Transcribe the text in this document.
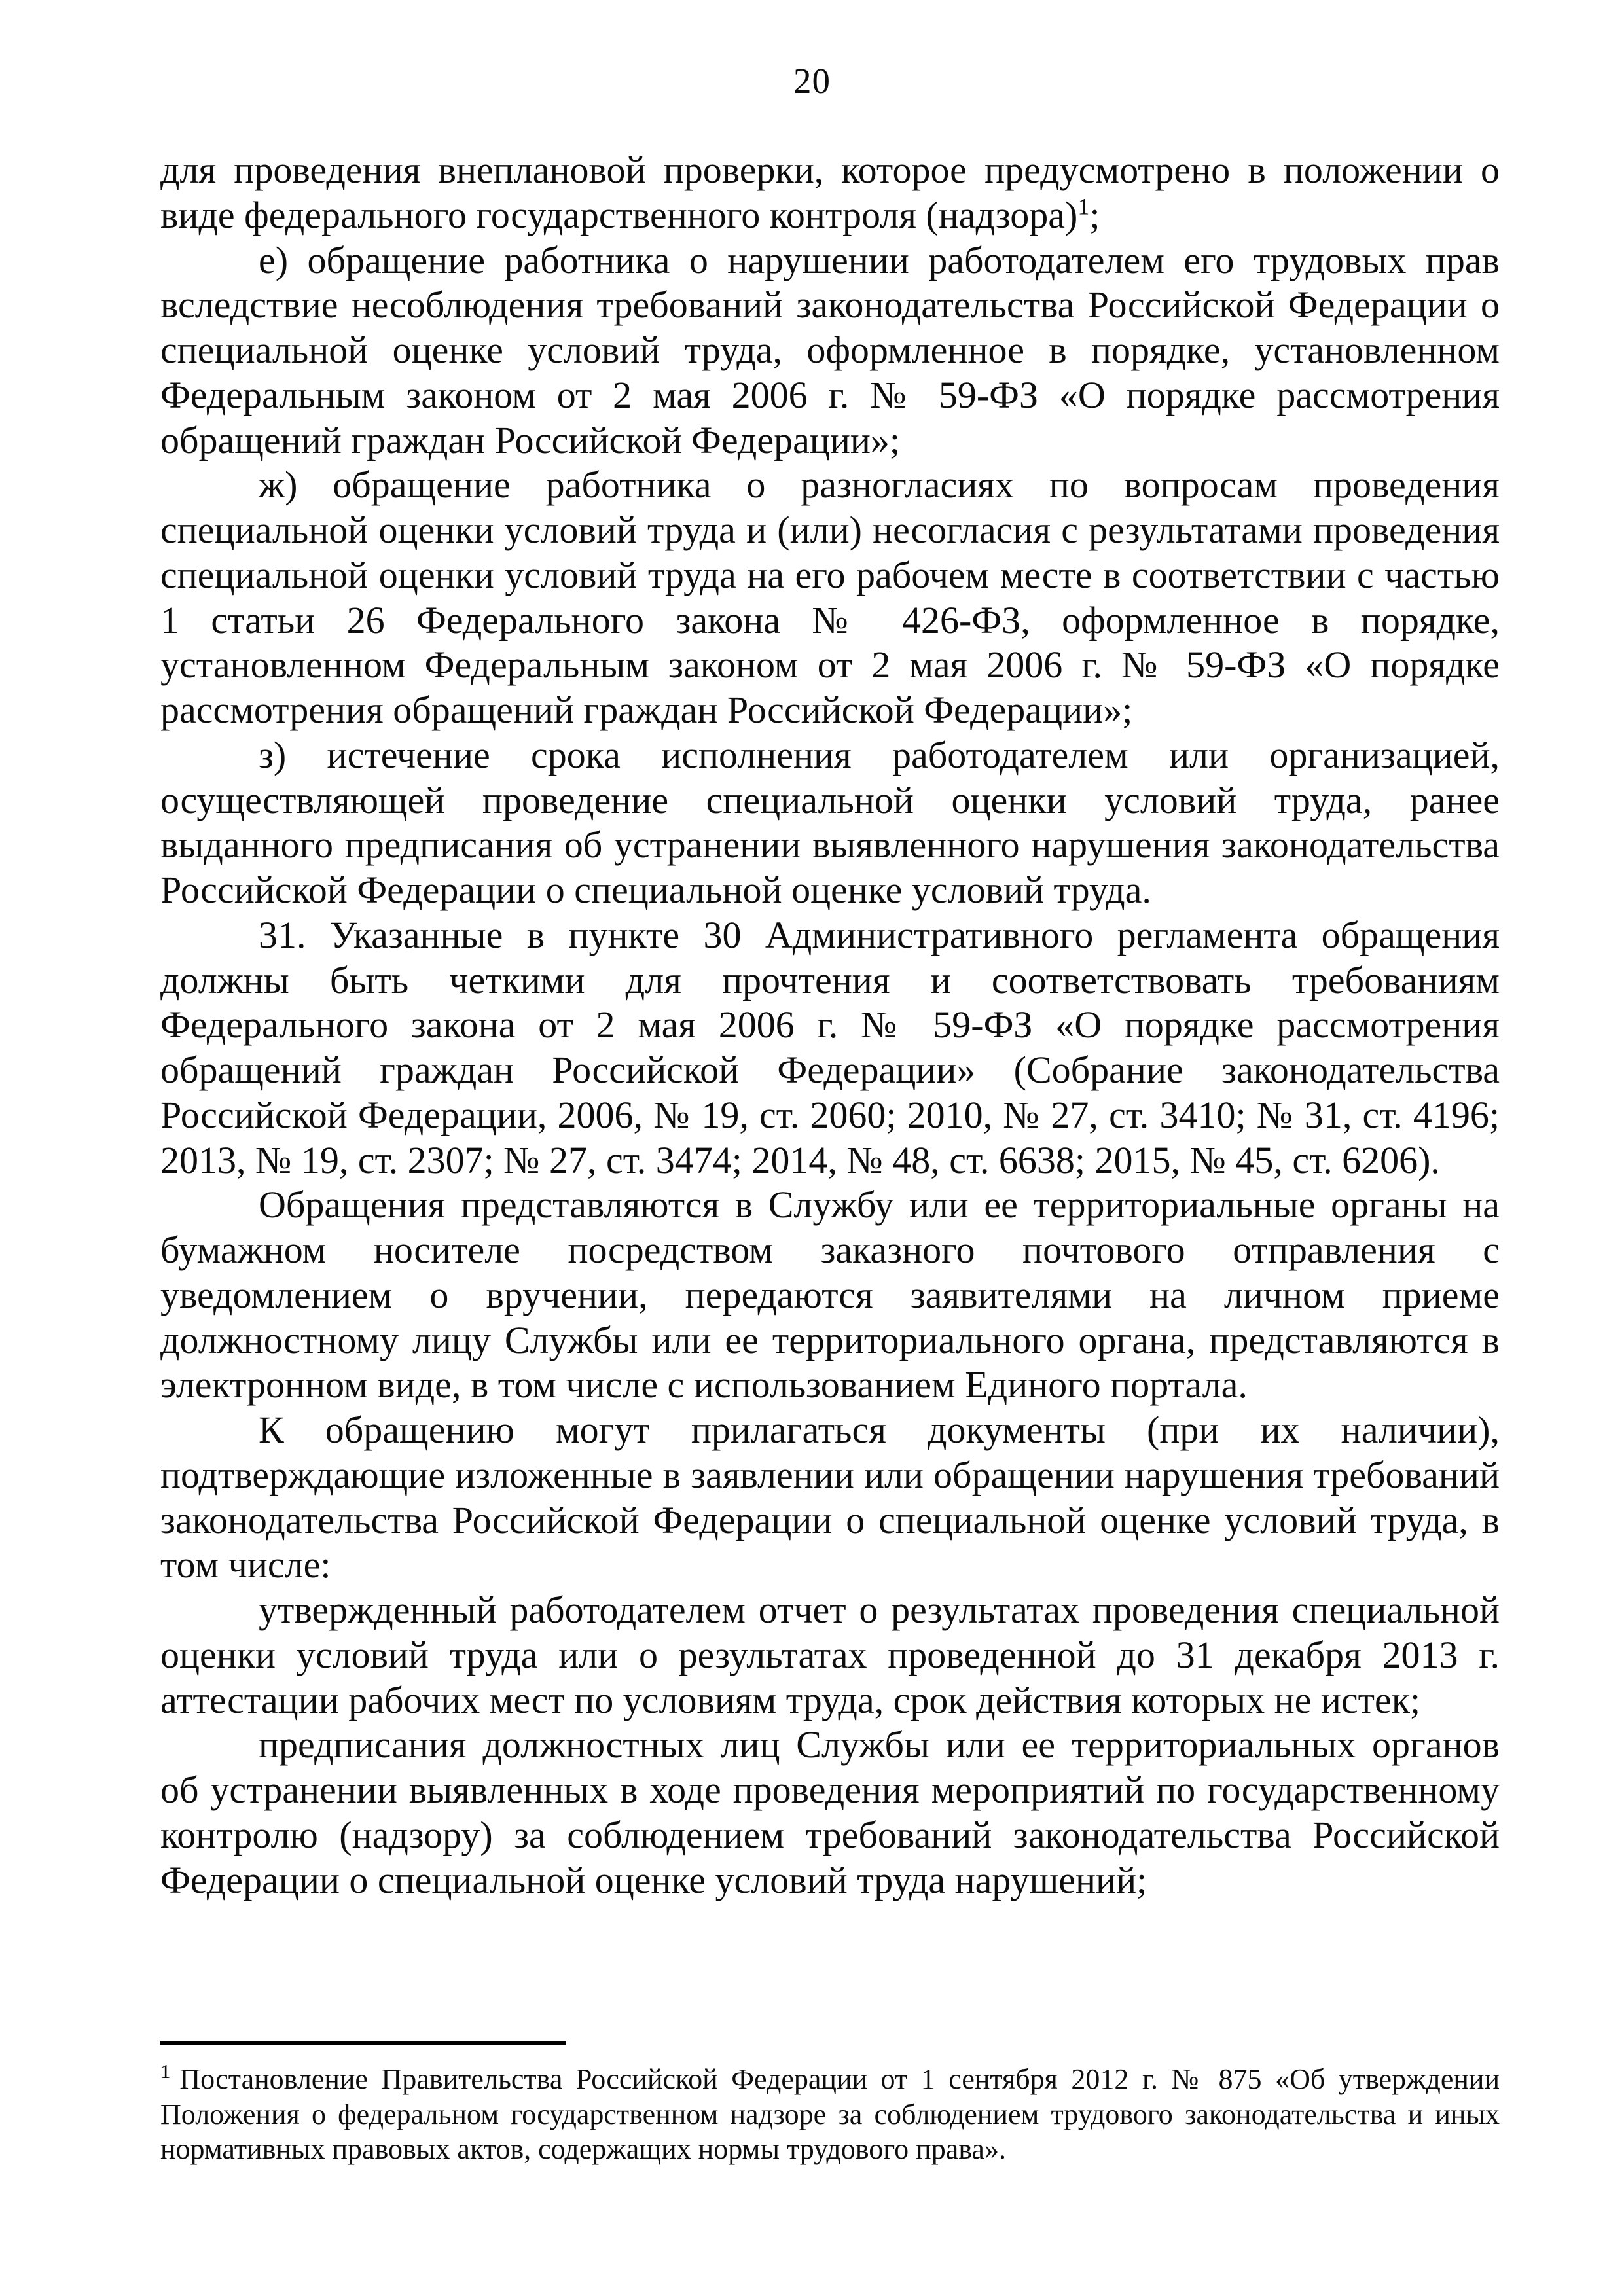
20

для проведения внеплановой проверки, которое предусмотрено в положении о виде федерального государственного контроля (надзора)$^1$;

е) обращение работника о нарушении работодателем его трудовых прав вследствие несоблюдения требований законодательства Российской Федерации о специальной оценке условий труда, оформленное в порядке, установленном Федеральным законом от 2 мая 2006 г. № 59-ФЗ «О порядке рассмотрения обращений граждан Российской Федерации»;

ж) обращение работника о разногласиях по вопросам проведения специальной оценки условий труда и (или) несогласия с результатами проведения специальной оценки условий труда на его рабочем месте в соответствии с частью 1 статьи 26 Федерального закона № 426-ФЗ, оформленное в порядке, установленном Федеральным законом от 2 мая 2006 г. № 59-ФЗ «О порядке рассмотрения обращений граждан Российской Федерации»;

з) истечение срока исполнения работодателем или организацией, осуществляющей проведение специальной оценки условий труда, ранее выданного предписания об устранении выявленного нарушения законодательства Российской Федерации о специальной оценке условий труда.

31. Указанные в пункте 30 Административного регламента обращения должны быть четкими для прочтения и соответствовать требованиям Федерального закона от 2 мая 2006 г. № 59-ФЗ «О порядке рассмотрения обращений граждан Российской Федерации» (Собрание законодательства Российской Федерации, 2006, № 19, ст. 2060; 2010, № 27, ст. 3410; № 31, ст. 4196; 2013, № 19, ст. 2307; № 27, ст. 3474; 2014, № 48, ст. 6638; 2015, № 45, ст. 6206).

Обращения представляются в Службу или ее территориальные органы на бумажном носителе посредством заказного почтового отправления с уведомлением о вручении, передаются заявителями на личном приеме должностному лицу Службы или ее территориального органа, представляются в электронном виде, в том числе с использованием Единого портала.

К обращению могут прилагаться документы (при их наличии), подтверждающие изложенные в заявлении или обращении нарушения требований законодательства Российской Федерации о специальной оценке условий труда, в том числе:

утвержденный работодателем отчет о результатах проведения специальной оценки условий труда или о результатах проведенной до 31 декабря 2013 г. аттестации рабочих мест по условиям труда, срок действия которых не истек;

предписания должностных лиц Службы или ее территориальных органов об устранении выявленных в ходе проведения мероприятий по государственному контролю (надзору) за соблюдением требований законодательства Российской Федерации о специальной оценке условий труда нарушений;

$^1$ Постановление Правительства Российской Федерации от 1 сентября 2012 г. № 875 «Об утверждении Положения о федеральном государственном надзоре за соблюдением трудового законодательства и иных нормативных правовых актов, содержащих нормы трудового права».
